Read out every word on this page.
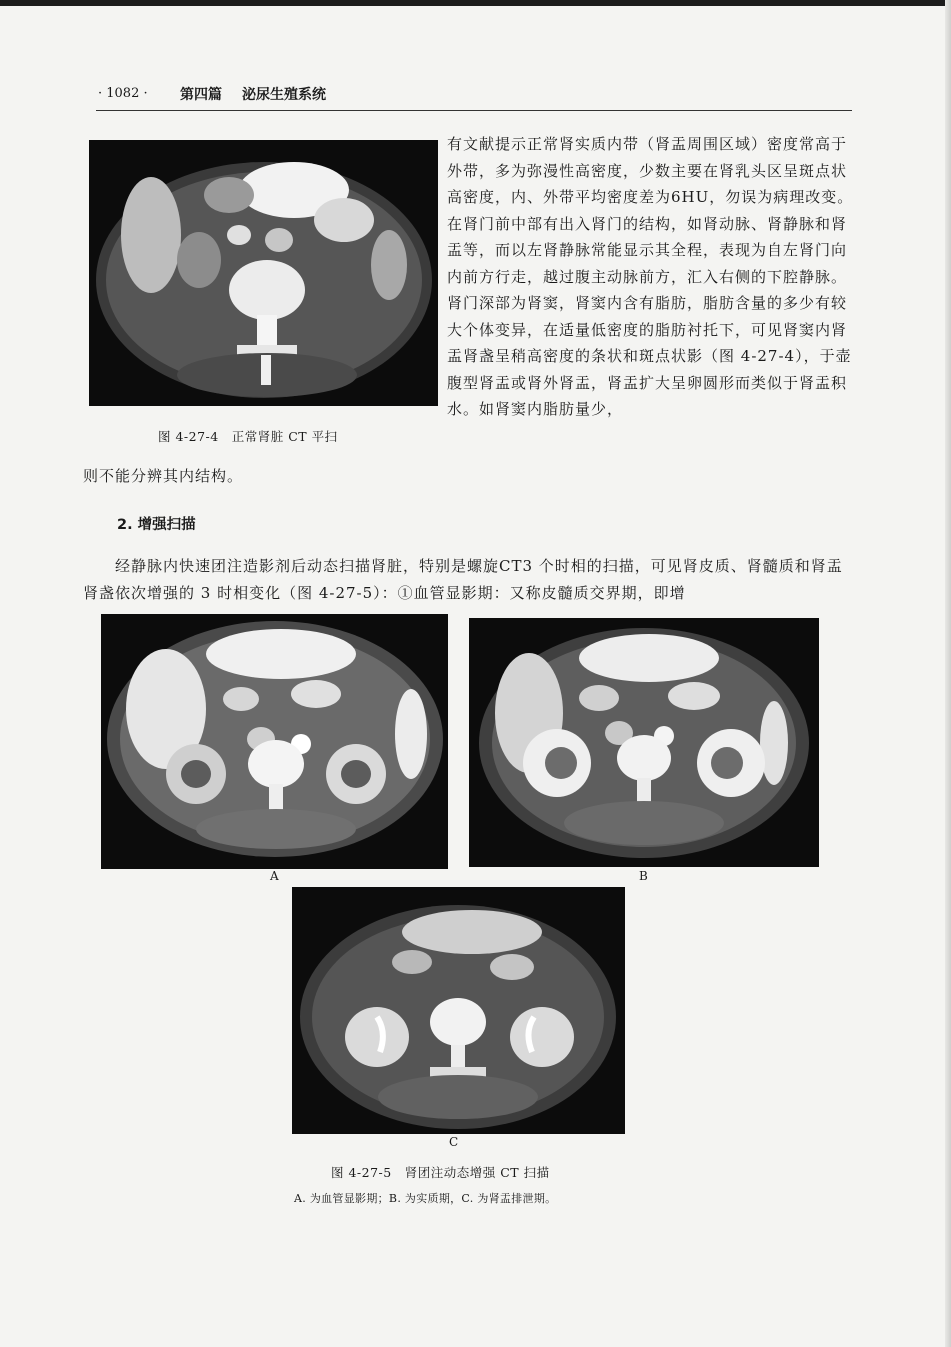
· 1082 · 第四篇 泌尿生殖系统
图 4-27-4　正常肾脏 CT 平扫

有文献提示正常肾实质内带（肾盂周围区域）密度常高于外带，多为弥漫性高密度，少数主要在肾乳头区呈斑点状高密度，内、外带平均密度差为6HU，勿误为病理改变。在肾门前中部有出入肾门的结构，如肾动脉、肾静脉和肾盂等，而以左肾静脉常能显示其全程，表现为自左肾门向内前方行走，越过腹主动脉前方，汇入右侧的下腔静脉。肾门深部为肾窦，肾窦内含有脂肪，脂肪含量的多少有较大个体变异，在适量低密度的脂肪衬托下，可见肾窦内肾盂肾盏呈稍高密度的条状和斑点状影（图 4-27-4），于壶腹型肾盂或肾外肾盂，肾盂扩大呈卵圆形而类似于肾盂积水。如肾窦内脂肪量少，

则不能分辨其内结构。

2. 增强扫描

经静脉内快速团注造影剂后动态扫描肾脏，特别是螺旋CT3 个时相的扫描，可见肾皮质、肾髓质和肾盂肾盏依次增强的 3 时相变化（图 4-27-5）：①血管显影期：又称皮髓质交界期，即增

A	B
C
图 4-27-5　肾团注动态增强 CT 扫描
A. 为血管显影期；B. 为实质期，C. 为肾盂排泄期。
